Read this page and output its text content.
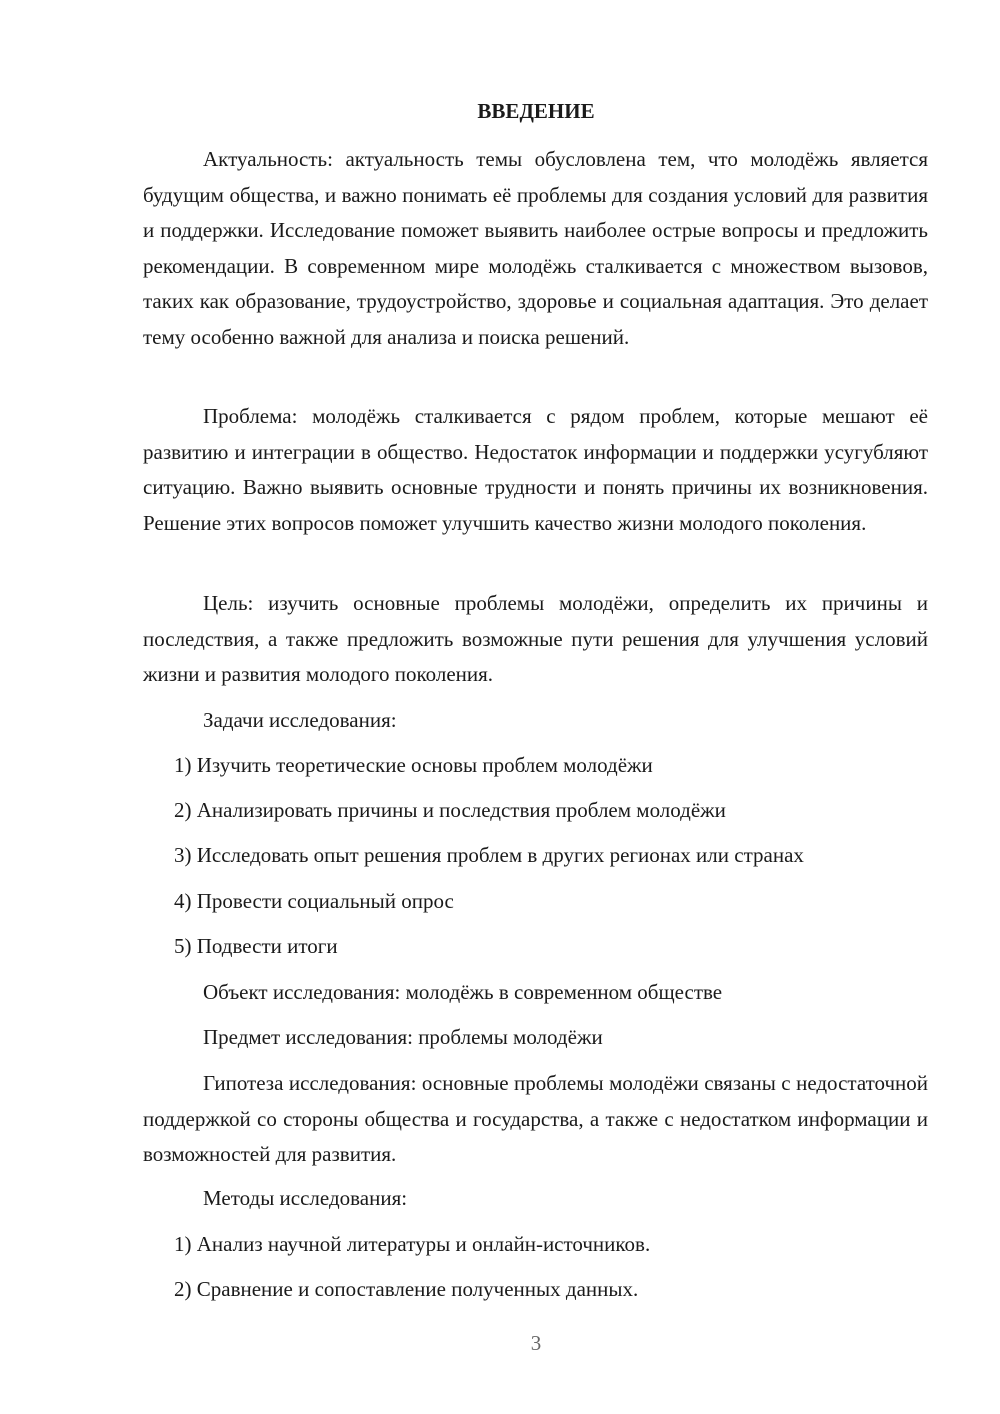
ВВЕДЕНИЕ

Актуальность: актуальность темы обусловлена тем, что молодёжь является будущим общества, и важно понимать её проблемы для создания условий для развития и поддержки. Исследование поможет выявить наиболее острые вопросы и предложить рекомендации. В современном мире молодёжь сталкивается с множеством вызовов, таких как образование, трудоустройство, здоровье и социальная адаптация. Это делает тему особенно важной для анализа и поиска решений.

Проблема: молодёжь сталкивается с рядом проблем, которые мешают её развитию и интеграции в общество. Недостаток информации и поддержки усугубляют ситуацию. Важно выявить основные трудности и понять причины их возникновения. Решение этих вопросов поможет улучшить качество жизни молодого поколения.

Цель: изучить основные проблемы молодёжи, определить их причины и последствия, а также предложить возможные пути решения для улучшения условий жизни и развития молодого поколения.

Задачи исследования:

1) Изучить теоретические основы проблем молодёжи

2) Анализировать причины и последствия проблем молодёжи

3) Исследовать опыт решения проблем в других регионах или странах

4) Провести социальный опрос

5) Подвести итоги

Объект исследования: молодёжь в современном обществе

Предмет исследования: проблемы молодёжи

Гипотеза исследования: основные проблемы молодёжи связаны с недостаточной поддержкой со стороны общества и государства, а также с недостатком информации и возможностей для развития.

Методы исследования:

1) Анализ научной литературы и онлайн-источников.

2) Сравнение и сопоставление полученных данных.

3
